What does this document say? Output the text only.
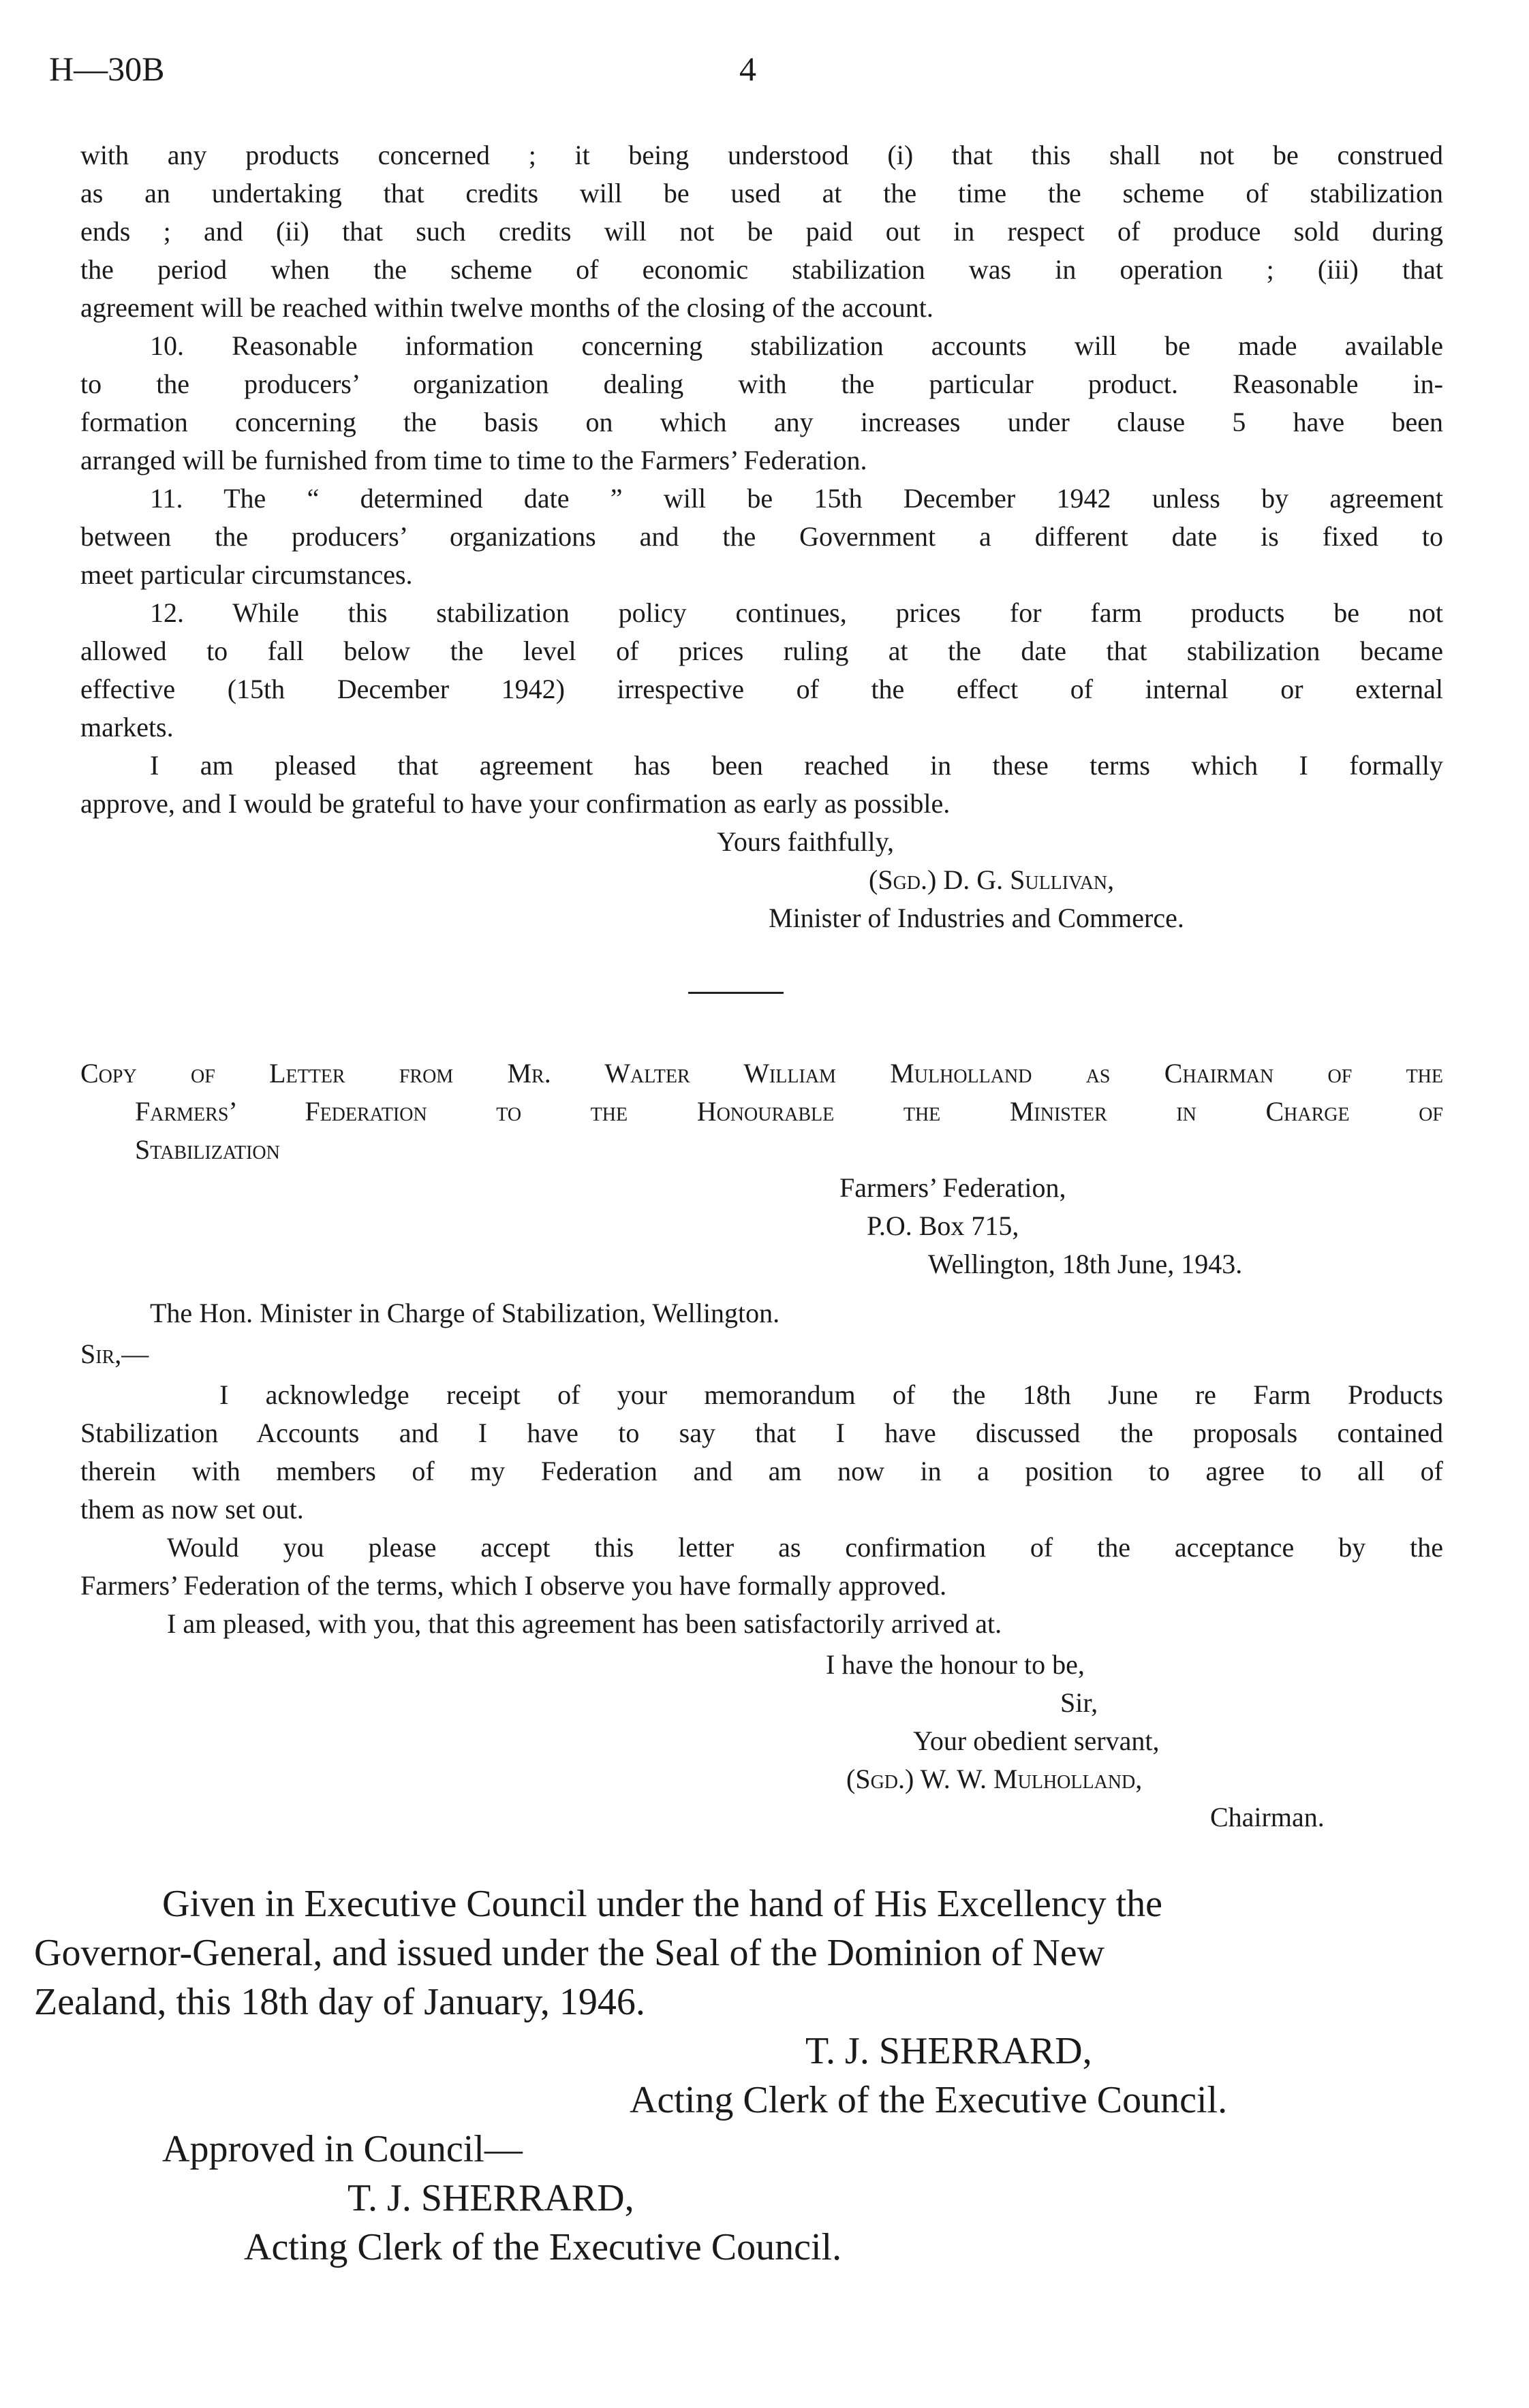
H—30B	4
with any products concerned ; it being understood (i) that this shall not be construed
as an undertaking that credits will be used at the time the scheme of stabilization
ends ; and (ii) that such credits will not be paid out in respect of produce sold during
the period when the scheme of economic stabilization was in operation ; (iii) that
agreement will be reached within twelve months of the closing of the account.
10. Reasonable information concerning stabilization accounts will be made available
to the producers’ organization dealing with the particular product. Reasonable in-
formation concerning the basis on which any increases under clause 5 have been
arranged will be furnished from time to time to the Farmers’ Federation.
11. The “ determined date ” will be 15th December 1942 unless by agreement
between the producers’ organizations and the Government a different date is fixed to
meet particular circumstances.
12. While this stabilization policy continues, prices for farm products be not
allowed to fall below the level of prices ruling at the date that stabilization became
effective (15th December 1942) irrespective of the effect of internal or external
markets.
I am pleased that agreement has been reached in these terms which I formally
approve, and I would be grateful to have your confirmation as early as possible.
Yours faithfully,
(Sgd.) D. G. Sullivan,
Minister of Industries and Commerce.
Copy of Letter from Mr. Walter William Mulholland as Chairman of the
Farmers’ Federation to the Honourable the Minister in Charge of
Stabilization
Farmers’ Federation,
P.O. Box 715,
Wellington, 18th June, 1943.
The Hon. Minister in Charge of Stabilization, Wellington.
Sir,—
I acknowledge receipt of your memorandum of the 18th June re Farm Products
Stabilization Accounts and I have to say that I have discussed the proposals contained
therein with members of my Federation and am now in a position to agree to all of
them as now set out.
Would you please accept this letter as confirmation of the acceptance by the
Farmers’ Federation of the terms, which I observe you have formally approved.
I am pleased, with you, that this agreement has been satisfactorily arrived at.
I have the honour to be,
Sir,
Your obedient servant,
(Sgd.) W. W. Mulholland,
Chairman.
Given in Executive Council under the hand of His Excellency the
Governor-General, and issued under the Seal of the Dominion of New
Zealand, this 18th day of January, 1946.
T. J. SHERRARD,
Acting Clerk of the Executive Council.
Approved in Council—
T. J. SHERRARD,
Acting Clerk of the Executive Council.
